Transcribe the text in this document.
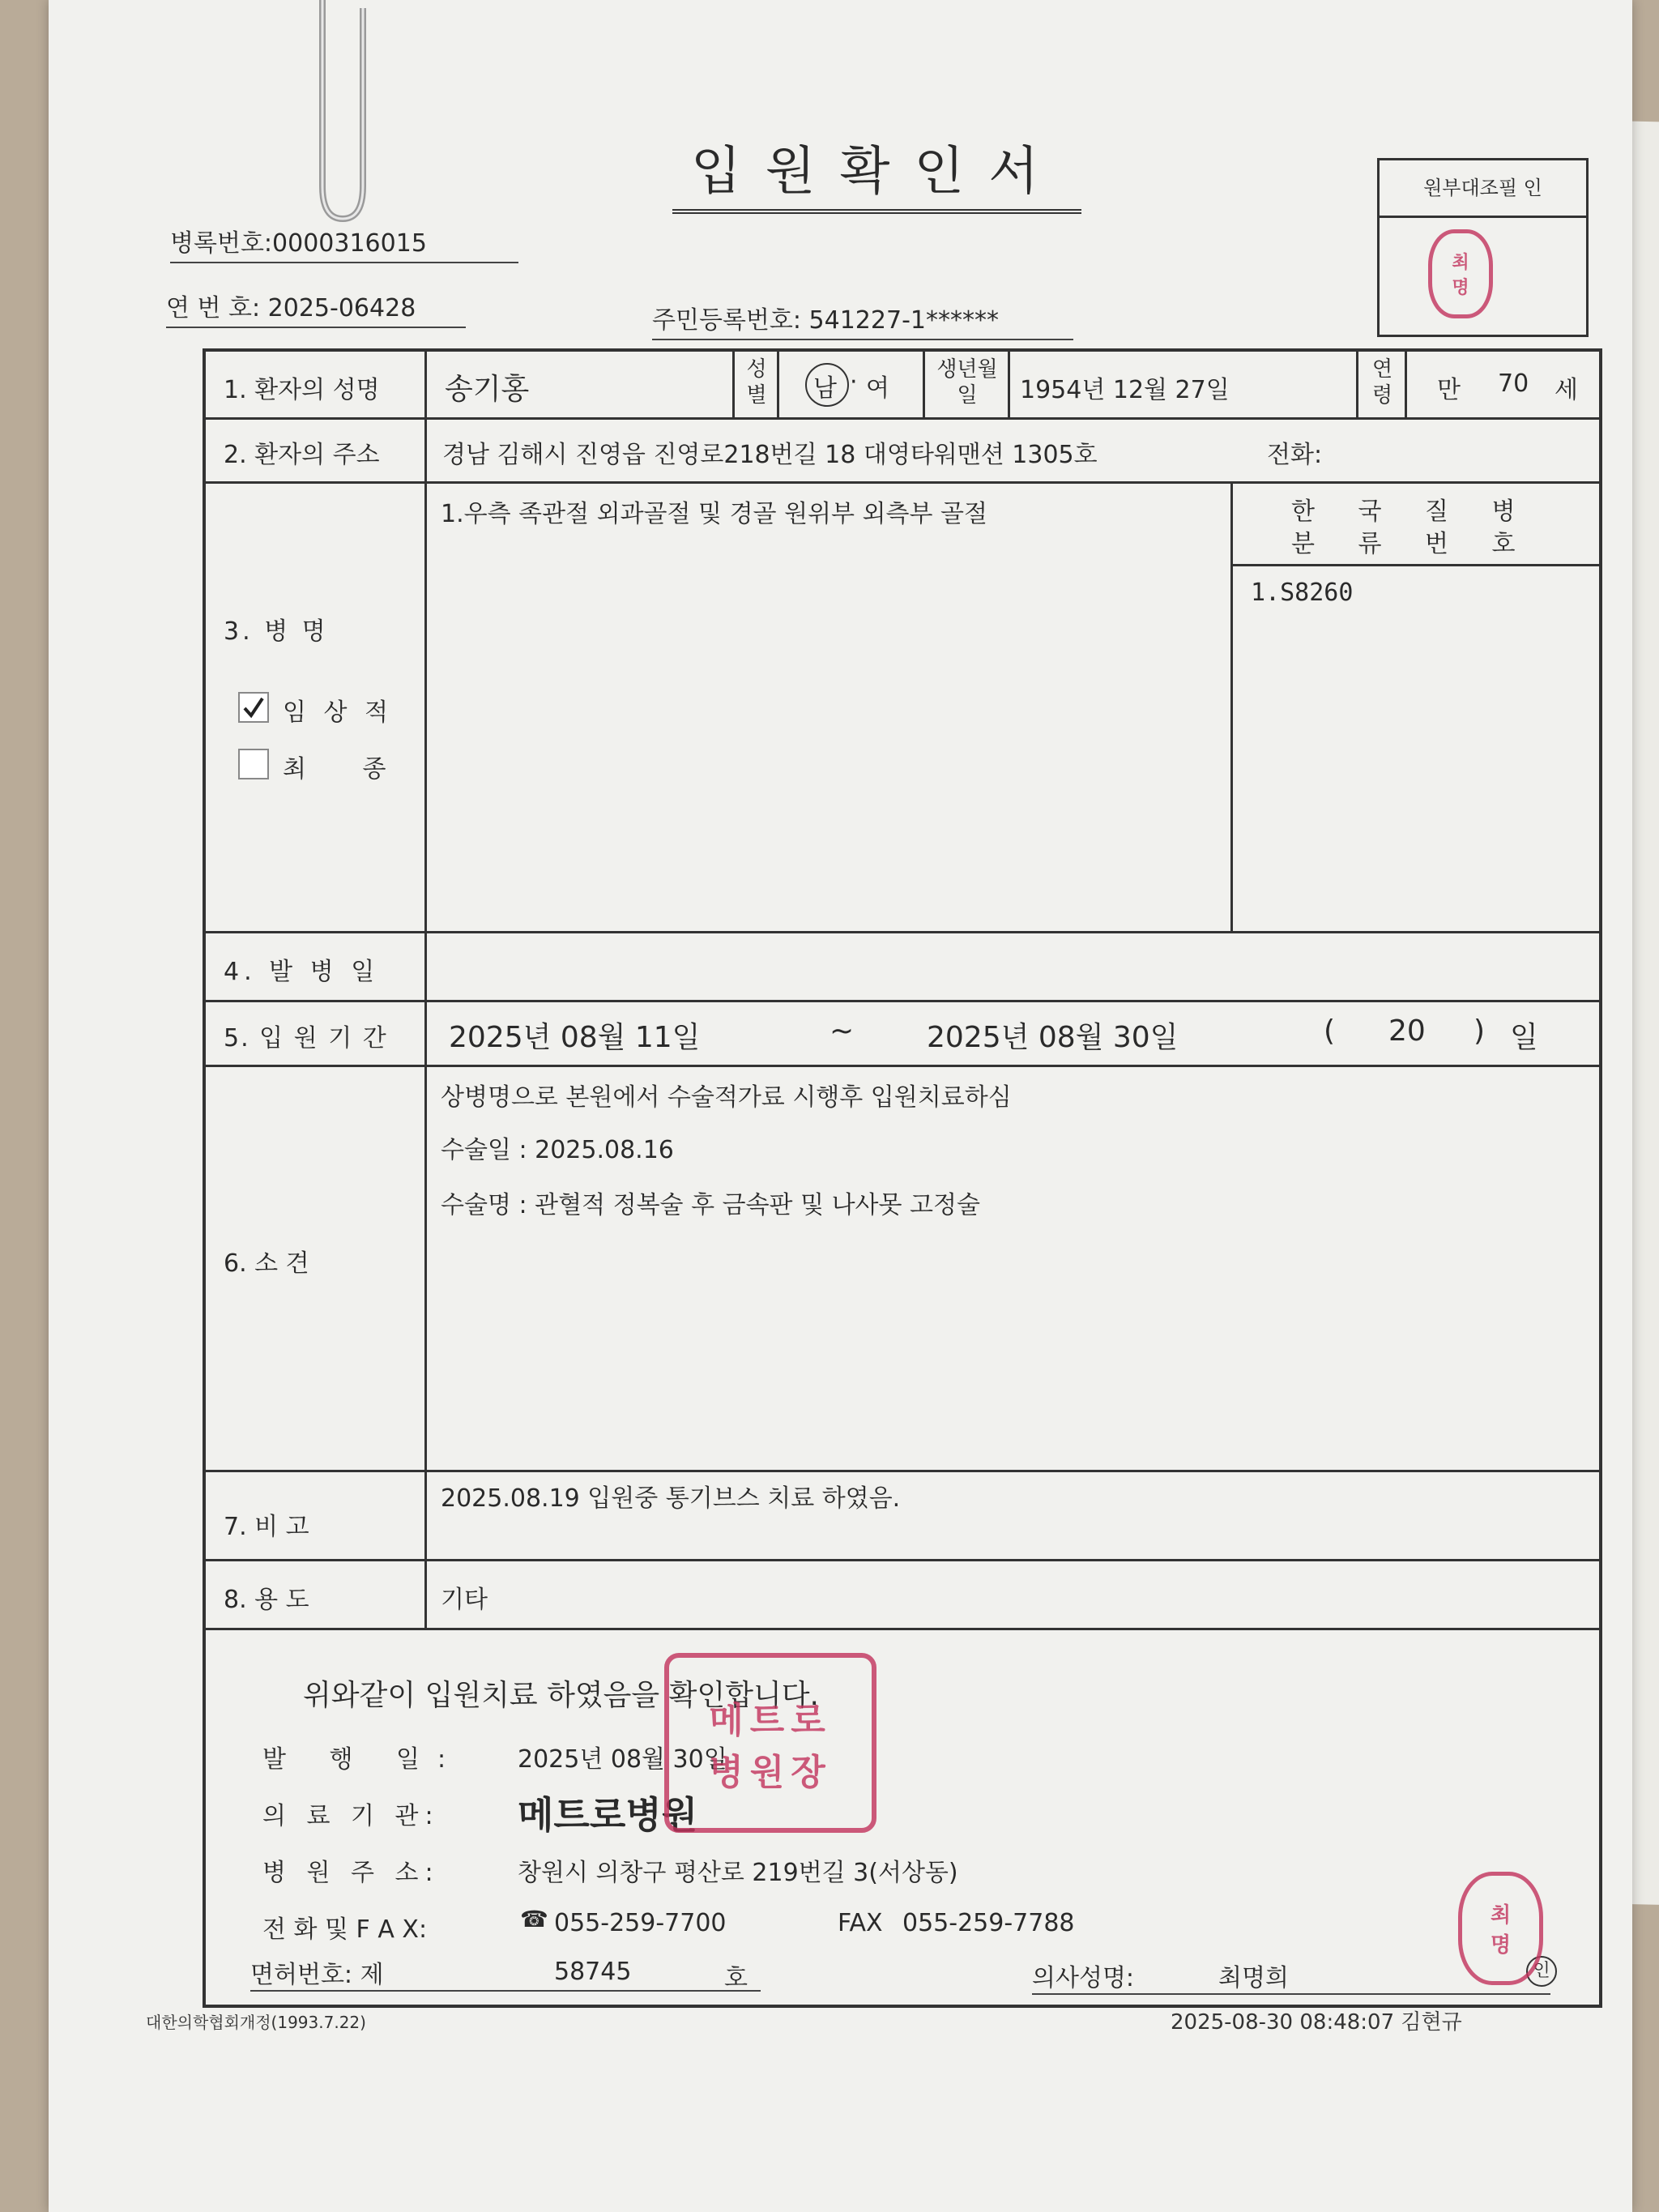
입원확인서
병록번호:0000316015
연 번 호: 2025-06428	주민등록번호: 541227-1******
원부대조필 인
최
명
1. 환자의 성명 송기홍
성별 남 · 여
생년월일	1954년 12월 27일
연령	만 70 세
2. 환자의 주소	경남 김해시 진영읍 진영로218번길 18 대영타워맨션 1305호	전화:
3. 병 명
임 상 적
최 종
1.우측 족관절 외과골절 및 경골 원위부 외측부 골절	한 국 질 병
분 류 번 호
1.S8260
4. 발 병 일
5. 입 원 기 간 2025년 08월 11일	~ 2025년 08월 30일	( 20 ) 일
6. 소 견
상병명으로 본원에서 수술적가료 시행후 입원치료하심
수술일 : 2025.08.16
수술명 : 관혈적 정복술 후 금속판 및 나사못 고정술
7. 비 고
2025.08.19 입원중 통기브스 치료 하였음.
8. 용 도	기타
위와같이 입원치료 하였음을 확인합니다.
발 행 일: 2025년 08월 30일
의 료 기 관: 메트로병원
병 원 주 소:	창원시 의창구 평산로 219번길 3(서상동)
전 화 및 F A X:	☎ 055-259-7700	FAX 055-259-7788
면허번호: 제	58745	호	의사성명:	최명희	인
메트로
병원장
최
명
대한의학협회개정(1993.7.22)	2025-08-30 08:48:07 김현규
